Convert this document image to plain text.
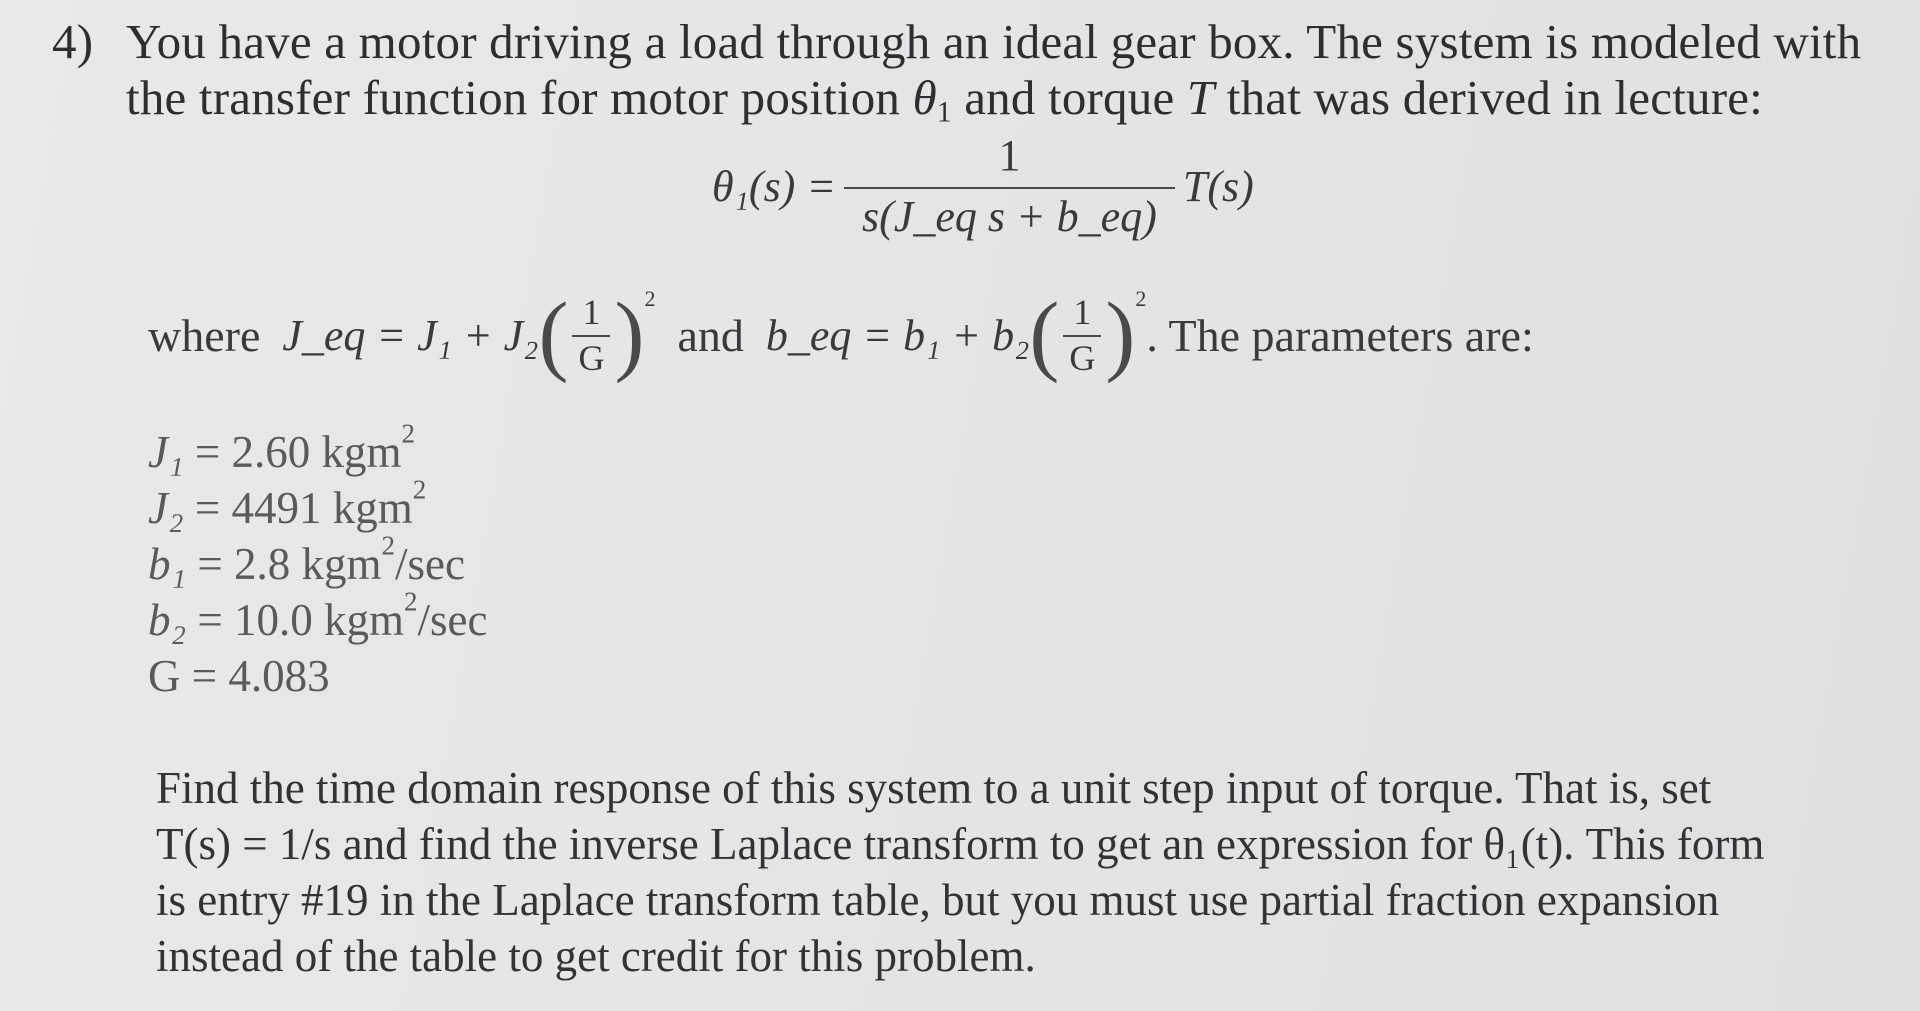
4) You have a motor driving a load through an ideal gear box. The system is modeled with
the transfer function for motor position $\theta_1$ and torque T that was derived in lecture:
$\theta_1(s) = \frac{1}{\text{s(J\_eq s + b\_eq)}} T(s)$
where
J_eq = J₁ + J₂ ( $\frac{1}{G}$ ) 2

and
b_eq = b₁ + b₂ ( $\frac{1}{G}$ ) 2
. The parameters are:
J₁ = 2.60 kgm$^2$
J₂ = 4491 kgm$^2$
b₁ = 2.8 kgm$^2$/sec
b₂ = 10.0 kgm$^2$/sec
G = 4.083
Find the time domain response of this system to a unit step input of torque. That is, set
T(s) = 1/s and find the inverse Laplace transform to get an expression for θ₁(t). This form
is entry #19 in the Laplace transform table, but you must use partial fraction expansion
instead of the table to get credit for this problem.
